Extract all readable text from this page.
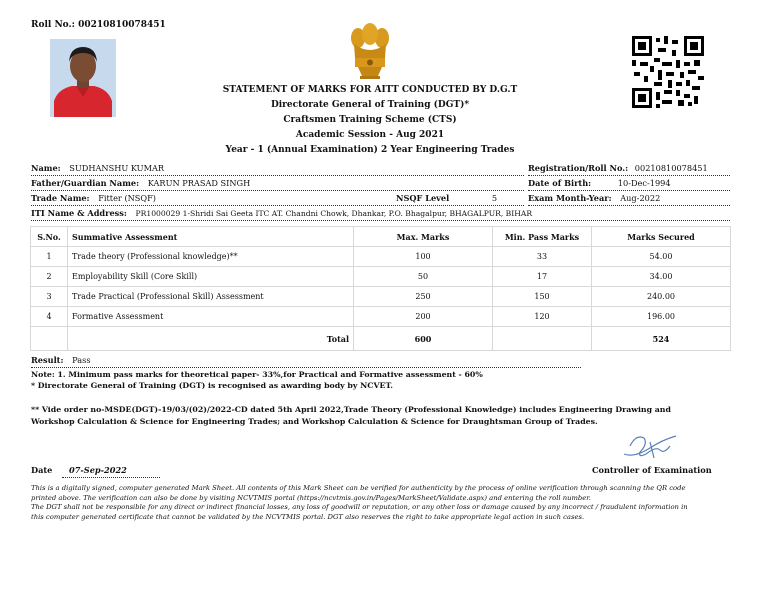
Roll No.: 00210810078451
STATEMENT OF MARKS FOR AITT CONDUCTED BY D.G.T
Directorate General of Training (DGT)*
Craftsmen Training Scheme (CTS)
Academic Session - Aug 2021
Year - 1 (Annual Examination) 2 Year Engineering Trades
Name: SUDHANSHU KUMAR	Registration/Roll No.: 00210810078451
Father/Guardian Name: KARUN PRASAD SINGH	Date of Birth:	10-Dec-1994
Trade Name: Fitter (NSQF)	NSQF Level	5	Exam Month-Year: Aug-2022
ITI Name & Address: PR1000029 1-Shridi Sai Geeta ITC AT. Chandni Chowk, Dhankar, P.O. Bhagalpur, BHAGALPUR, BIHAR
S.No.	Summative Assessment	Max. Marks	Min. Pass Marks	Marks Secured
1	Trade theory (Professional knowledge)**	100	33	54.00
2	Employability Skill (Core Skill)	50	17	34.00
3	Trade Practical (Professional Skill) Assessment	250	150	240.00
4	Formative Assessment	200	120	196.00
	Total	600		524
Result: Pass
Note: 1. Minimum pass marks for theoretical paper- 33%,for Practical and Formative assessment - 60%
* Directorate General of Training (DGT) is recognised as awarding body by NCVET.
** Vide order no-MSDE(DGT)-19/03/(02)/2022-CD dated 5th April 2022,Trade Theory (Professional Knowledge) includes Engineering Drawing and
Workshop Calculation & Science for Engineering Trades; and Workshop Calculation & Science for Draughtsman Group of Trades.
Date 07-Sep-2022	Controller of Examination
This is a digitally signed, computer generated Mark Sheet. All contents of this Mark Sheet can be verified for authenticity by the process of online verification through scanning the QR code
printed above. The verification can also be done by visiting NCVTMIS portal (https://ncvtmis.gov.in/Pages/MarkSheet/Validate.aspx) and entering the roll number.
The DGT shall not be responsible for any direct or indirect financial losses, any loss of goodwill or reputation, or any other loss or damage caused by any incorrect / fraudulent information in
this computer generated certificate that cannot be validated by the NCVTMIS portal. DGT also reserves the right to take appropriate legal action in such cases.
